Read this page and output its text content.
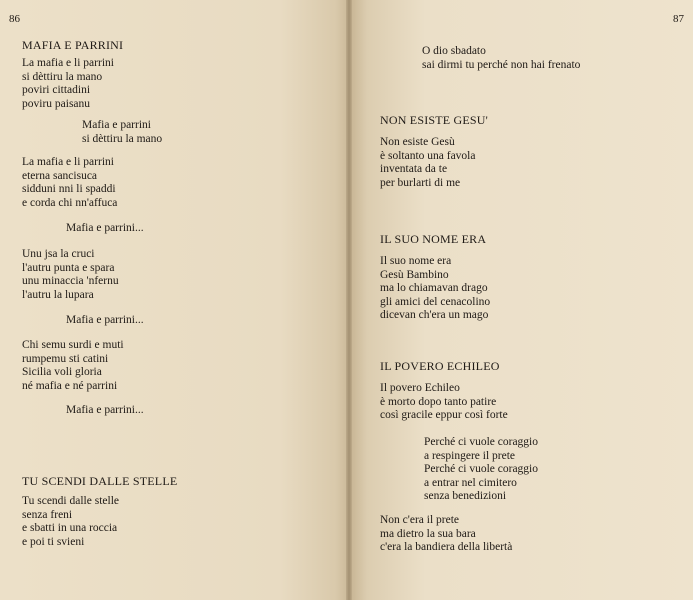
86
MAFIA E PARRINI
La mafia e li parrini
si dèttiru la mano
poviri cittadini
poviru paisanu
Mafia e parrini
si dèttiru la mano
La mafia e li parrini
eterna sancisuca
sidduni nni li spaddi
e corda chi nn'affuca
Mafia e parrini...
Unu jsa la cruci
l'autru punta e spara
unu minaccia 'nfernu
l'autru la lupara
Mafia e parrini...
Chi semu surdi e muti
rumpemu sti catini
Sicilia voli gloria
né mafia e né parrini
Mafia e parrini...
TU SCENDI DALLE STELLE
Tu scendi dalle stelle
senza freni
e sbatti in una roccia
e poi ti svieni
87
O dio sbadato
sai dirmi tu perché non hai frenato
NON ESISTE GESU'
Non esiste Gesù
è soltanto una favola
inventata da te
per burlarti di me
IL SUO NOME ERA
Il suo nome era
Gesù Bambino
ma lo chiamavan drago
gli amici del cenacolino
dicevan ch'era un mago
IL POVERO ECHILEO
Il povero Echileo
è morto dopo tanto patire
così gracile eppur così forte
Perché ci vuole coraggio
a respingere il prete
Perché ci vuole coraggio
a entrar nel cimitero
senza benedizioni
Non c'era il prete
ma dietro la sua bara
c'era la bandiera della libertà
